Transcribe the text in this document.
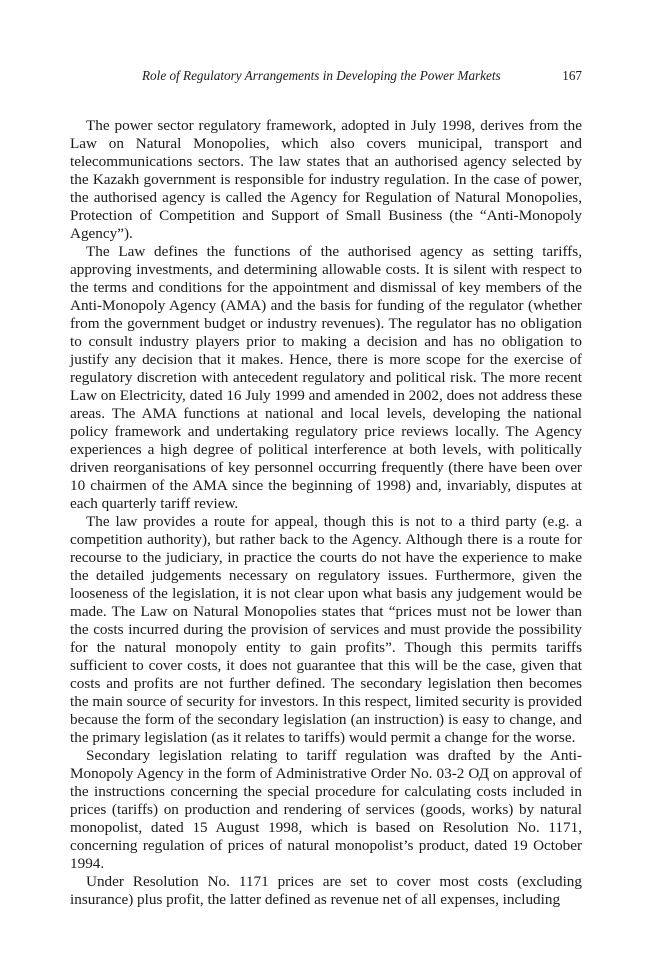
Role of Regulatory Arrangements in Developing the Power Markets	167

The power sector regulatory framework, adopted in July 1998, derives from the Law on Natural Monopolies, which also covers municipal, transport and telecommunications sectors. The law states that an authorised agency selected by the Kazakh government is responsible for industry regulation. In the case of power, the authorised agency is called the Agency for Regulation of Natural Monopolies, Protection of Competition and Support of Small Business (the “Anti-Monopoly Agency”).

The Law defines the functions of the authorised agency as setting tariffs, approving investments, and determining allowable costs. It is silent with respect to the terms and conditions for the appointment and dismissal of key members of the Anti-Monopoly Agency (AMA) and the basis for funding of the regulator (whether from the government budget or industry revenues). The regulator has no obligation to consult industry players prior to making a decision and has no obligation to justify any decision that it makes. Hence, there is more scope for the exercise of regulatory discretion with antecedent regulatory and political risk. The more recent Law on Electricity, dated 16 July 1999 and amended in 2002, does not address these areas. The AMA functions at national and local levels, developing the national policy framework and undertaking regulatory price reviews locally. The Agency experiences a high degree of political interference at both levels, with politically driven reorganisations of key personnel occurring frequently (there have been over 10 chairmen of the AMA since the beginning of 1998) and, invariably, disputes at each quarterly tariff review.

The law provides a route for appeal, though this is not to a third party (e.g. a competition authority), but rather back to the Agency. Although there is a route for recourse to the judiciary, in practice the courts do not have the experience to make the detailed judgements necessary on regulatory issues. Furthermore, given the looseness of the legislation, it is not clear upon what basis any judgement would be made. The Law on Natural Monopolies states that “prices must not be lower than the costs incurred during the provision of services and must provide the possibility for the natural monopoly entity to gain profits”. Though this permits tariffs sufficient to cover costs, it does not guarantee that this will be the case, given that costs and profits are not further defined. The secondary legislation then becomes the main source of security for investors. In this respect, limited security is provided because the form of the secondary legislation (an instruction) is easy to change, and the primary legislation (as it relates to tariffs) would permit a change for the worse.

Secondary legislation relating to tariff regulation was drafted by the Anti-Monopoly Agency in the form of Administrative Order No. 03-2 ОД on approval of the instructions concerning the special procedure for calculating costs included in prices (tariffs) on production and rendering of services (goods, works) by natural monopolist, dated 15 August 1998, which is based on Resolution No. 1171, concerning regulation of prices of natural monopolist’s product, dated 19 October 1994.

Under Resolution No. 1171 prices are set to cover most costs (excluding insurance) plus profit, the latter defined as revenue net of all expenses, including
